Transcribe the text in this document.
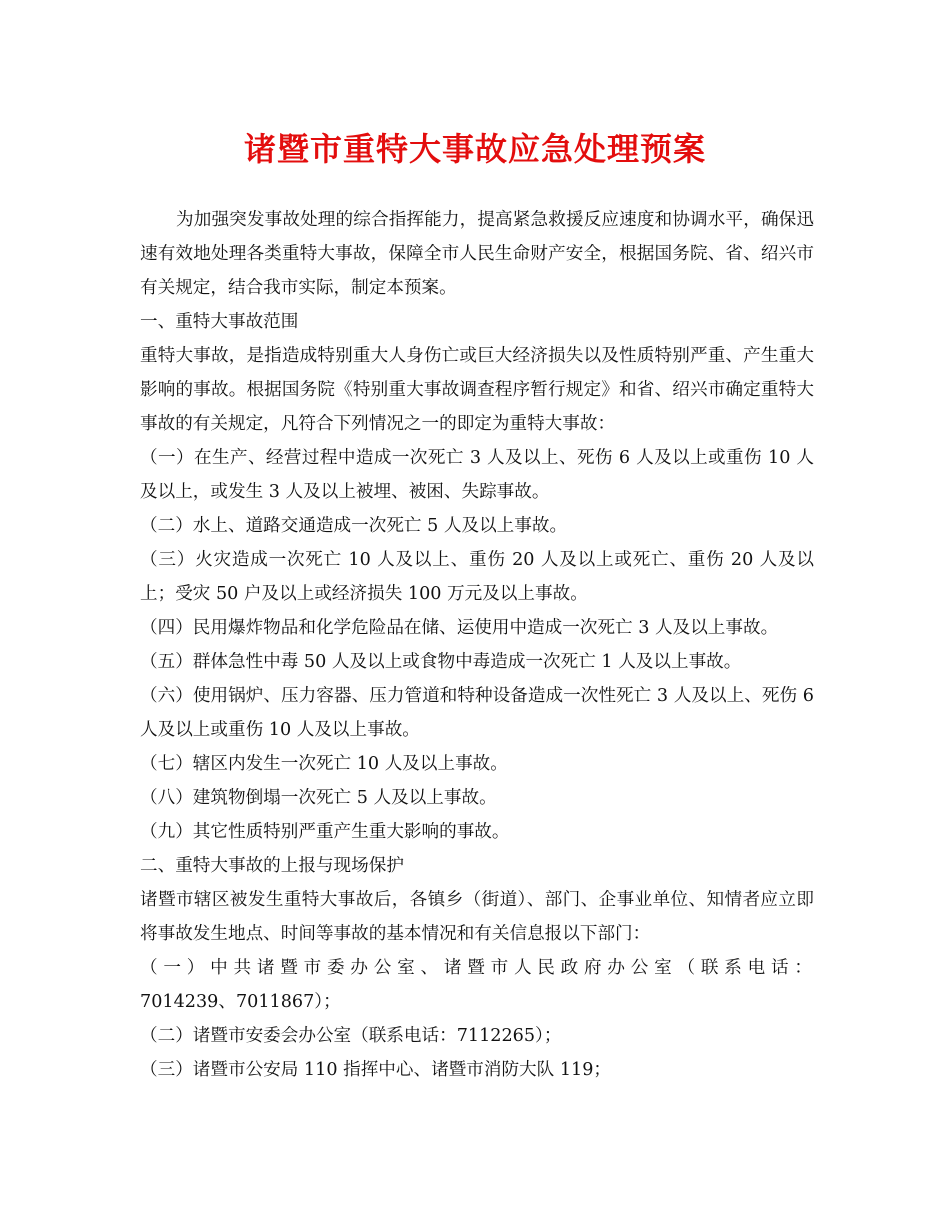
诸暨市重特大事故应急处理预案

为加强突发事故处理的综合指挥能力，提高紧急救援反应速度和协调水平，确保迅速有效地处理各类重特大事故，保障全市人民生命财产安全，根据国务院、省、绍兴市有关规定，结合我市实际，制定本预案。

一、重特大事故范围

重特大事故，是指造成特别重大人身伤亡或巨大经济损失以及性质特别严重、产生重大影响的事故。根据国务院《特别重大事故调查程序暂行规定》和省、绍兴市确定重特大事故的有关规定，凡符合下列情况之一的即定为重特大事故：

（一）在生产、经营过程中造成一次死亡 3 人及以上、死伤 6 人及以上或重伤 10 人及以上，或发生 3 人及以上被埋、被困、失踪事故。

（二）水上、道路交通造成一次死亡 5 人及以上事故。

（三）火灾造成一次死亡 10 人及以上、重伤 20 人及以上或死亡、重伤 20 人及以上；受灾 50 户及以上或经济损失 100 万元及以上事故。

（四）民用爆炸物品和化学危险品在储、运使用中造成一次死亡 3 人及以上事故。

（五）群体急性中毒 50 人及以上或食物中毒造成一次死亡 1 人及以上事故。

（六）使用锅炉、压力容器、压力管道和特种设备造成一次性死亡 3 人及以上、死伤 6 人及以上或重伤 10 人及以上事故。

（七）辖区内发生一次死亡 10 人及以上事故。

（八）建筑物倒塌一次死亡 5 人及以上事故。

（九）其它性质特别严重产生重大影响的事故。

二、重特大事故的上报与现场保护

诸暨市辖区被发生重特大事故后，各镇乡（街道）、部门、企事业单位、知情者应立即将事故发生地点、时间等事故的基本情况和有关信息报以下部门：

（一）中共诸暨市委办公室、诸暨市人民政府办公室（联系电话：

7014239、7011867）；

（二）诸暨市安委会办公室（联系电话：7112265）；

（三）诸暨市公安局 110 指挥中心、诸暨市消防大队 119；
